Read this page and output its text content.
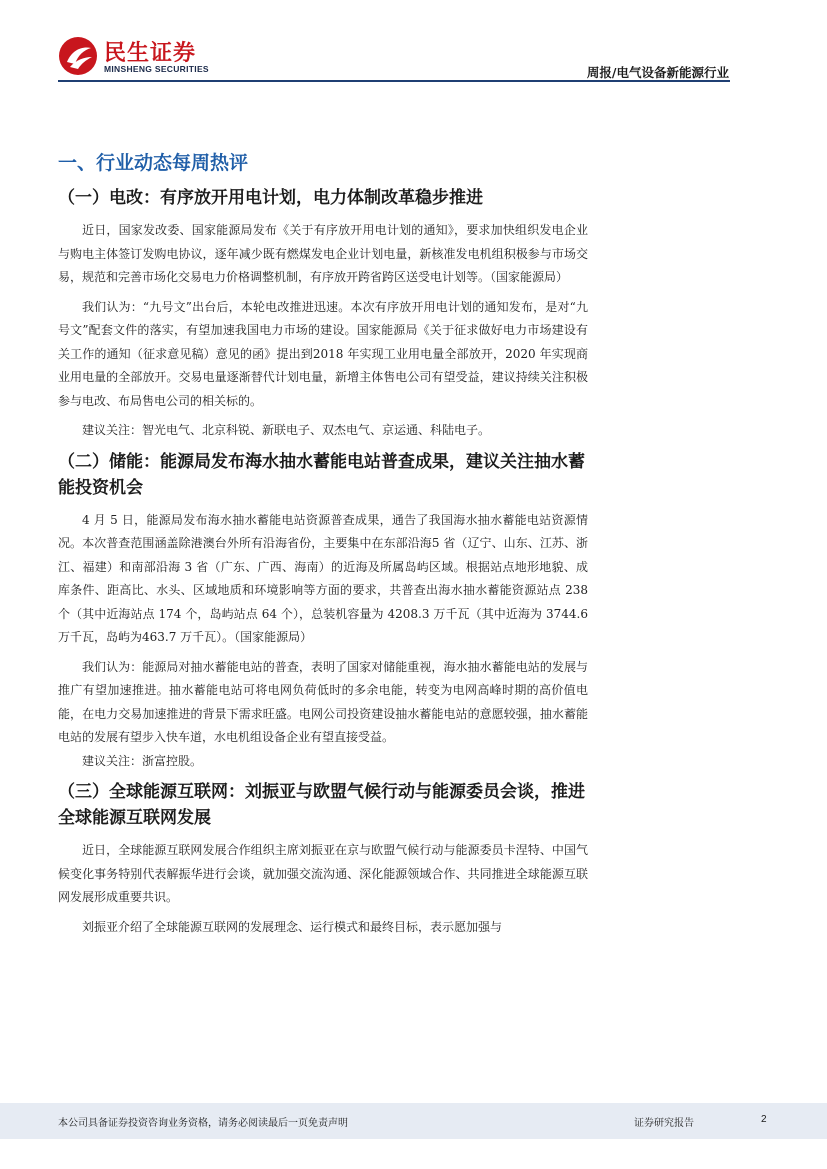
民生证券
MINSHENG SECURITIES	周报/电气设备新能源行业
一、行业动态每周热评
（一）电改：有序放开用电计划，电力体制改革稳步推进

近日，国家发改委、国家能源局发布《关于有序放开用电计划的通知》，要求加快组织发电企业与购电主体签订发购电协议，逐年减少既有燃煤发电企业计划电量，新核准发电机组积极参与市场交易，规范和完善市场化交易电力价格调整机制，有序放开跨省跨区送受电计划等。（国家能源局）

我们认为：“九号文”出台后，本轮电改推进迅速。本次有序放开用电计划的通知发布，是对“九号文”配套文件的落实，有望加速我国电力市场的建设。国家能源局《关于征求做好电力市场建设有关工作的通知（征求意见稿）意见的函》提出到2018 年实现工业用电量全部放开，2020 年实现商业用电量的全部放开。交易电量逐渐替代计划电量，新增主体售电公司有望受益，建议持续关注积极参与电改、布局售电公司的相关标的。

建议关注：智光电气、北京科锐、新联电子、双杰电气、京运通、科陆电子。

（二）储能：能源局发布海水抽水蓄能电站普查成果，建议关注抽水蓄能投资机会

4 月 5 日，能源局发布海水抽水蓄能电站资源普查成果，通告了我国海水抽水蓄能电站资源情况。本次普查范围涵盖除港澳台外所有沿海省份，主要集中在东部沿海5 省（辽宁、山东、江苏、浙江、福建）和南部沿海 3 省（广东、广西、海南）的近海及所属岛屿区域。根据站点地形地貌、成库条件、距高比、水头、区域地质和环境影响等方面的要求，共普查出海水抽水蓄能资源站点 238 个（其中近海站点 174 个，岛屿站点 64 个），总装机容量为 4208.3 万千瓦（其中近海为 3744.6 万千瓦，岛屿为463.7 万千瓦）。（国家能源局）

我们认为：能源局对抽水蓄能电站的普查，表明了国家对储能重视，海水抽水蓄能电站的发展与推广有望加速推进。抽水蓄能电站可将电网负荷低时的多余电能，转变为电网高峰时期的高价值电能，在电力交易加速推进的背景下需求旺盛。电网公司投资建设抽水蓄能电站的意愿较强，抽水蓄能电站的发展有望步入快车道，水电机组设备企业有望直接受益。

建议关注：浙富控股。

（三）全球能源互联网：刘振亚与欧盟气候行动与能源委员会谈，推进全球能源互联网发展

近日，全球能源互联网发展合作组织主席刘振亚在京与欧盟气候行动与能源委员卡涅特、中国气候变化事务特别代表解振华进行会谈，就加强交流沟通、深化能源领域合作、共同推进全球能源互联网发展形成重要共识。

刘振亚介绍了全球能源互联网的发展理念、运行模式和最终目标，表示愿加强与

本公司具备证券投资咨询业务资格，请务必阅读最后一页免责声明	证券研究报告	2
